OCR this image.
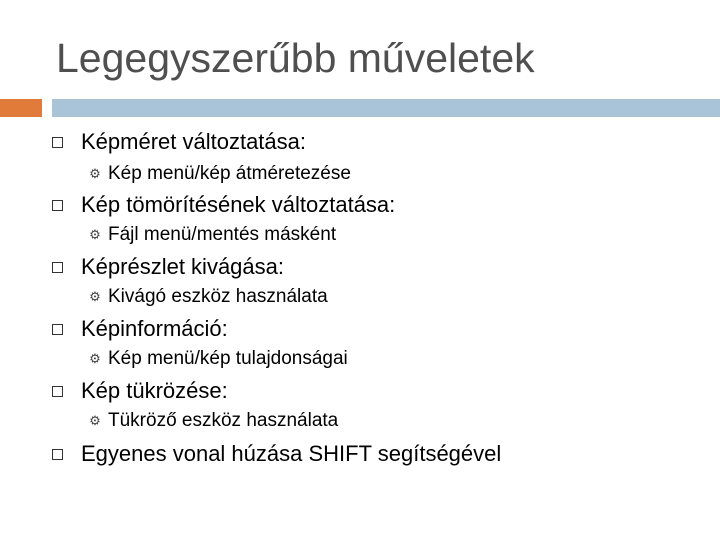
Legegyszerűbb műveletek
Képméret változtatása:
⚙ Kép menü/kép átméretezése
Kép tömörítésének változtatása:
⚙ Fájl menü/mentés másként
Képrészlet kivágása:
⚙ Kivágó eszköz használata
Képinformáció:
⚙ Kép menü/kép tulajdonságai
Kép tükrözése:
⚙ Tükröző eszköz használata
Egyenes vonal húzása SHIFT segítségével
